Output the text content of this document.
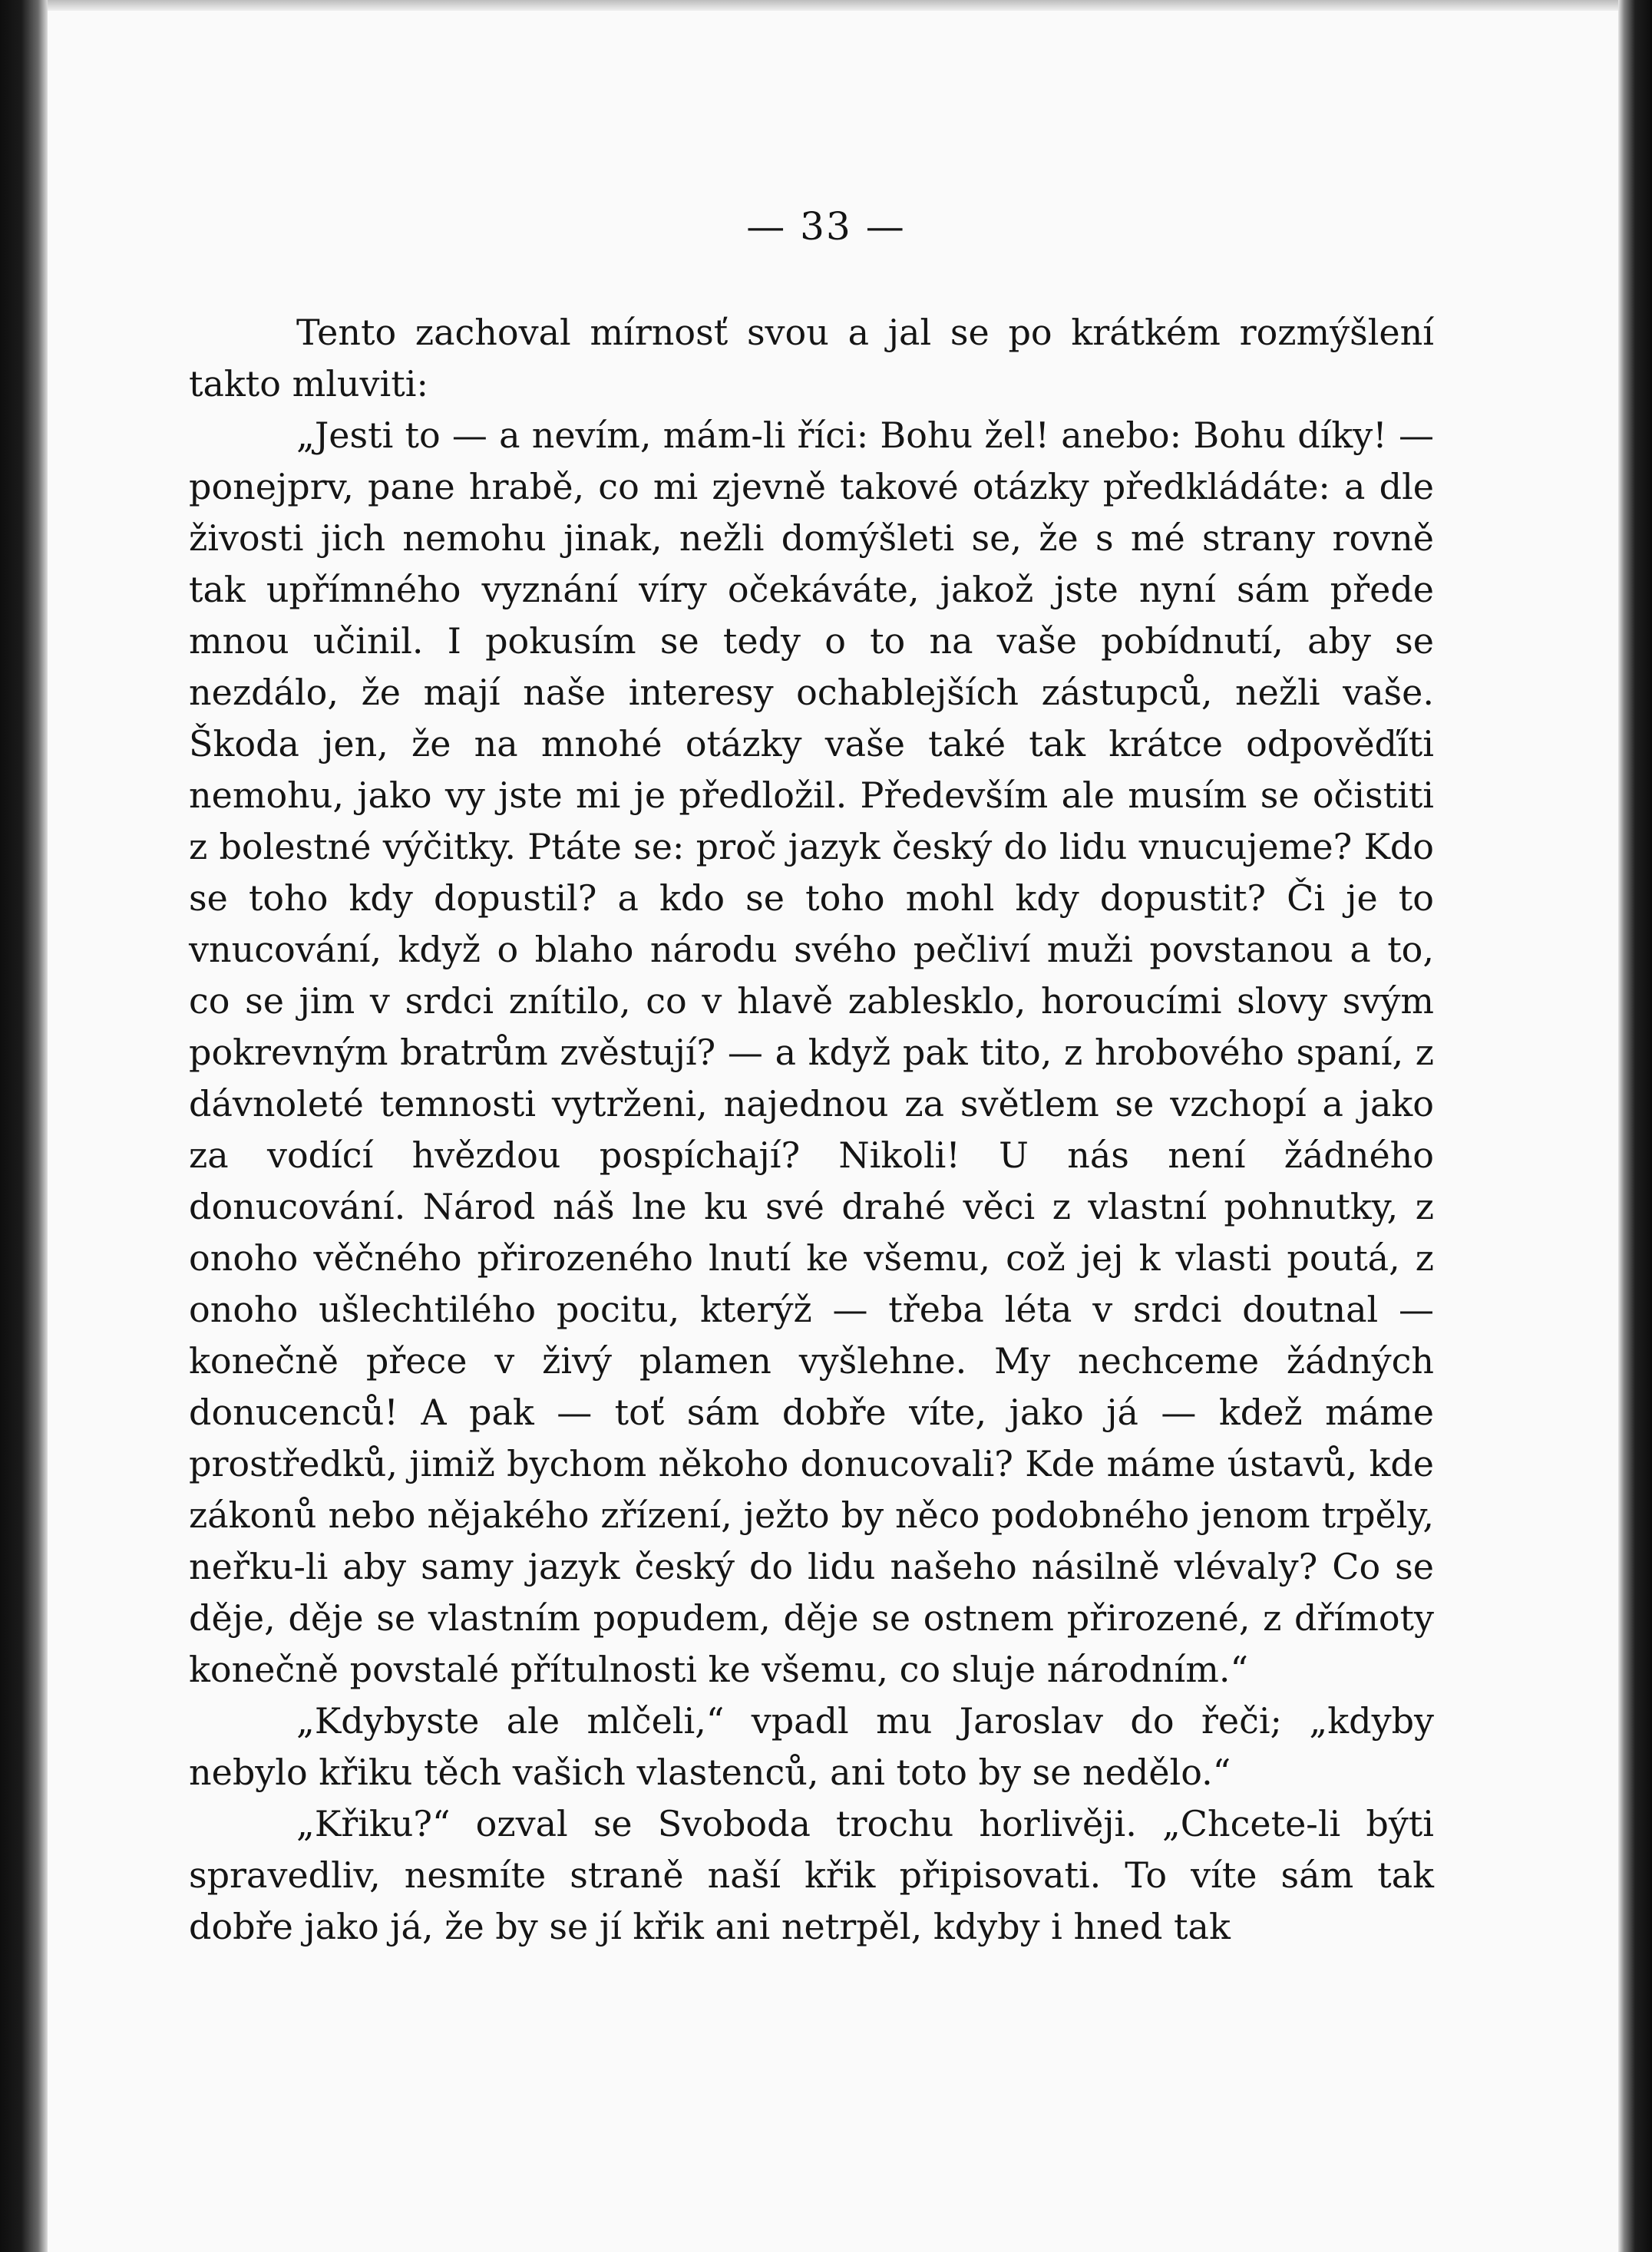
— 33 —

Tento zachoval mírnosť svou a jal se po krátkém rozmýšlení takto mluviti:

„Jesti to — a nevím, mám-li říci: Bohu žel! anebo: Bohu díky! — ponejprv, pane hrabě, co mi zjevně takové otázky předkládáte: a dle živosti jich nemohu jinak, nežli domýšleti se, že s mé strany rovně tak upřímného vyznání víry očekáváte, jakož jste nyní sám přede mnou učinil. I pokusím se tedy o to na vaše pobídnutí, aby se nezdálo, že mají naše interesy ochablejších zástupců, nežli vaše. Škoda jen, že na mnohé otázky vaše také tak krátce odpověďíti nemohu, jako vy jste mi je předložil. Především ale musím se očistiti z bolestné výčitky. Ptáte se: proč jazyk český do lidu vnucujeme? Kdo se toho kdy dopustil? a kdo se toho mohl kdy dopustit? Či je to vnucování, když o blaho národu svého pečliví muži povstanou a to, co se jim v srdci znítilo, co v hlavě zablesklo, horoucími slovy svým pokrevným bratrům zvěstují? — a když pak tito, z hrobového spaní, z dávnoleté temnosti vytrženi, najednou za světlem se vzchopí a jako za vodící hvězdou pospíchají? Nikoli! U nás není žádného donucování. Národ náš lne ku své drahé věci z vlastní pohnutky, z onoho věčného přirozeného lnutí ke všemu, což jej k vlasti poutá, z onoho ušlechtilého pocitu, kterýž — třeba léta v srdci doutnal — konečně přece v živý plamen vyšlehne. My nechceme žádných donucenců! A pak — toť sám dobře víte, jako já — kdež máme prostředků, jimiž bychom někoho donucovali? Kde máme ústavů, kde zákonů nebo nějakého zřízení, ježto by něco podobného jenom trpěly, neřku-li aby samy jazyk český do lidu našeho násilně vlévaly? Co se děje, děje se vlastním popudem, děje se ostnem přirozené, z dřímoty konečně povstalé přítulnosti ke všemu, co sluje národním.“

„Kdybyste ale mlčeli,“ vpadl mu Jaroslav do řeči; „kdyby nebylo křiku těch vašich vlastenců, ani toto by se nedělo.“

„Křiku?“ ozval se Svoboda trochu horlivěji. „Chcete-li býti spravedliv, nesmíte straně naší křik připisovati. To víte sám tak dobře jako já, že by se jí křik ani netrpěl, kdyby i hned tak
